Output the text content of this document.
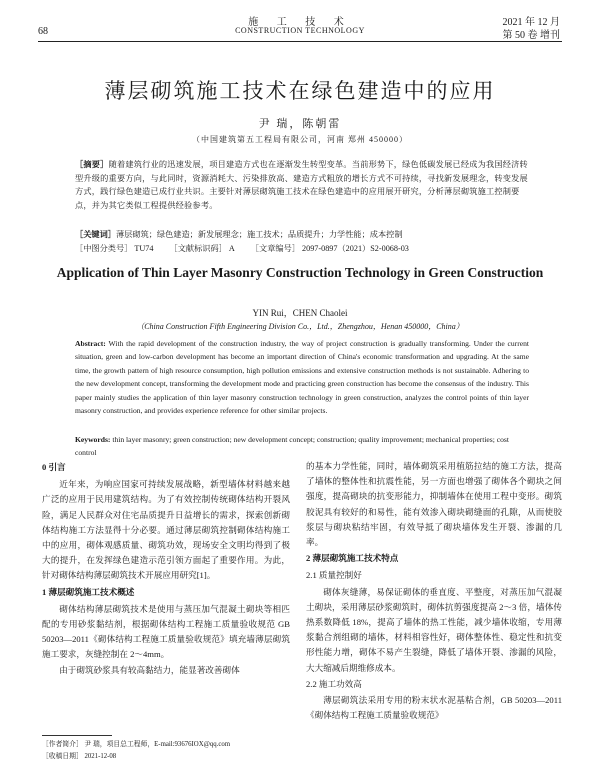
68
施 工 技 术
CONSTRUCTION TECHNOLOGY
2021 年 12 月
第 50 卷 增刊
薄层砌筑施工技术在绿色建造中的应用
尹 瑞，陈朝雷
（中国建筑第五工程局有限公司，河南 郑州 450000）
［摘要］随着建筑行业的迅速发展，项目建造方式也在逐渐发生转型变革。当前形势下，绿色低碳发展已经成为我国经济转型升级的重要方向，与此同时，资源消耗大、污染排放高、建造方式粗放的增长方式不可持续，寻找新发展理念，转变发展方式，践行绿色建造已成行业共识。主要针对薄层砌筑施工技术在绿色建造中的应用展开研究，分析薄层砌筑施工控制要点，并为其它类似工程提供经验参考。
［关键词］薄层砌筑；绿色建造；新发展理念；施工技术；品质提升；力学性能；成本控制
［中图分类号］ TU74 ［文献标识码］ A ［文章编号］ 2097-0897（2021）S2-0068-03
Application of Thin Layer Masonry Construction Technology in Green Construction
YIN Rui，CHEN Chaolei
（China Construction Fifth Engineering Division Co.，Ltd.，Zhengzhou，Henan 450000，China）
Abstract: With the rapid development of the construction industry, the way of project construction is gradually transforming. Under the current situation, green and low-carbon development has become an important direction of China's economic transformation and upgrading. At the same time, the growth pattern of high resource consumption, high pollution emissions and extensive construction methods is not sustainable. Adhering to the new development concept, transforming the development mode and practicing green construction has become the consensus of the industry. This paper mainly studies the application of thin layer masonry construction technology in green construction, analyzes the control points of thin layer masonry construction, and provides experience reference for other similar projects.
Keywords: thin layer masonry; green construction; new development concept; construction; quality improvement; mechanical properties; cost control
0 引言

近年来，为响应国家可持续发展战略，新型墙体材料越来越广泛的应用于民用建筑结构。为了有效控制传统砌体结构开裂风险，满足人民群众对住宅品质提升日益增长的需求，探索创新砌体结构施工方法显得十分必要。通过薄层砌筑控制砌体结构施工中的应用，砌体观感质量、砌筑功效，现场安全文明均得到了极大的提升，在发挥绿色建造示范引领方面起了重要作用。为此，针对砌体结构薄层砌筑技术开展应用研究[1]。

1 薄层砌筑施工技术概述

砌体结构薄层砌筑技术是使用与蒸压加气混凝土砌块等相匹配的专用砂浆黏结剂，根据砌体结构工程施工质量验收规范 GB 50203—2011《砌体结构工程施工质量验收规范》填充墙薄层砌筑施工要求，灰缝控制在 2～4mm。

由于砌筑砂浆具有较高黏结力，能显著改善砌体

的基本力学性能，同时，墙体砌筑采用植筋拉结的施工方法，提高了墙体的整体性和抗震性能，另一方面也增强了砌体各个砌块之间强度，提高砌块的抗变形能力，抑制墙体在使用工程中变形。砌筑胶泥具有较好的和易性，能有效渗入砌块砌缝面的孔隙，从而使胶浆层与砌块粘结牢固，有效导抵了砌块墙体发生开裂、渗漏的几率。

2 薄层砌筑施工技术特点
2.1 质量控制好

砌体灰缝薄，易保证砌体的垂直度、平整度，对蒸压加气混凝土砌块，采用薄层砂浆砌筑时，砌体抗剪强度提高 2～3 倍，墙体传热系数降低 18%，提高了墙体的热工性能，减少墙体收缩，专用薄浆黏合剂组砌的墙体，材料相容性好，砌体整体性、稳定性和抗变形性能力增，砌体不易产生裂缝，降低了墙体开裂、渗漏的风险，大大缩减后期维修成本。

2.2 施工功效高

薄层砌筑法采用专用的粉末状水泥基粘合剂，GB 50203—2011《砌体结构工程施工质量验收规范》

［作者简介］ 尹 瑞，项目总工程师，E-mail:93676IOX@qq.com
［收稿日期］ 2021-12-08
